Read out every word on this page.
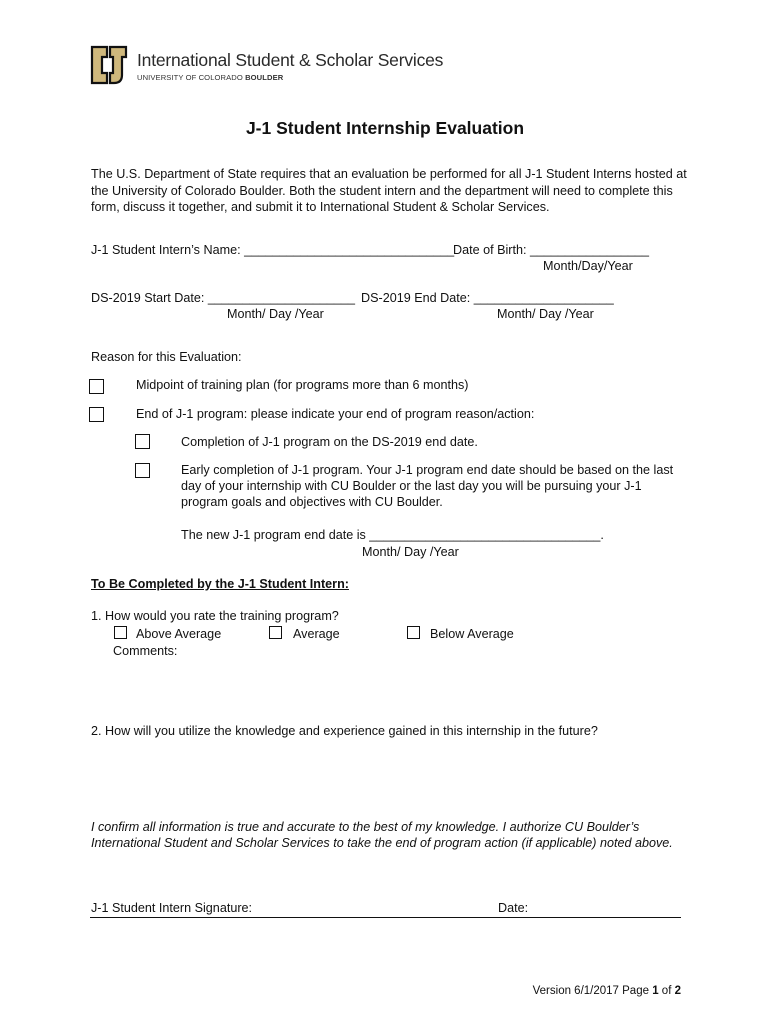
International Student & Scholar Services
UNIVERSITY OF COLORADO BOULDER
J-1 Student Internship Evaluation
The U.S. Department of State requires that an evaluation be performed for all J-1 Student Interns hosted at the University of Colorado Boulder. Both the student intern and the department will need to complete this form, discuss it together, and submit it to International Student & Scholar Services.
J-1 Student Intern’s Name: ______________________________
Date of Birth: _________________
Month/Day/Year
DS-2019 Start Date: _____________________
Month/ Day /Year
DS-2019 End Date: ____________________
Month/ Day /Year
Reason for this Evaluation:
Midpoint of training plan (for programs more than 6 months)
End of J-1 program: please indicate your end of program reason/action:
Completion of J-1 program on the DS-2019 end date.
Early completion of J-1 program. Your J-1 program end date should be based on the last day of your internship with CU Boulder or the last day you will be pursuing your J-1 program goals and objectives with CU Boulder.
The new J-1 program end date is _________________________________.
Month/ Day /Year
To Be Completed by the J-1 Student Intern:
1. How would you rate the training program?
Above Average	Average	Below Average
Comments:
2. How will you utilize the knowledge and experience gained in this internship in the future?
I confirm all information is true and accurate to the best of my knowledge. I authorize CU Boulder’s International Student and Scholar Services to take the end of program action (if applicable) noted above.
J-1 Student Intern Signature:	Date:
Version 6/1/2017 Page 1 of 2
